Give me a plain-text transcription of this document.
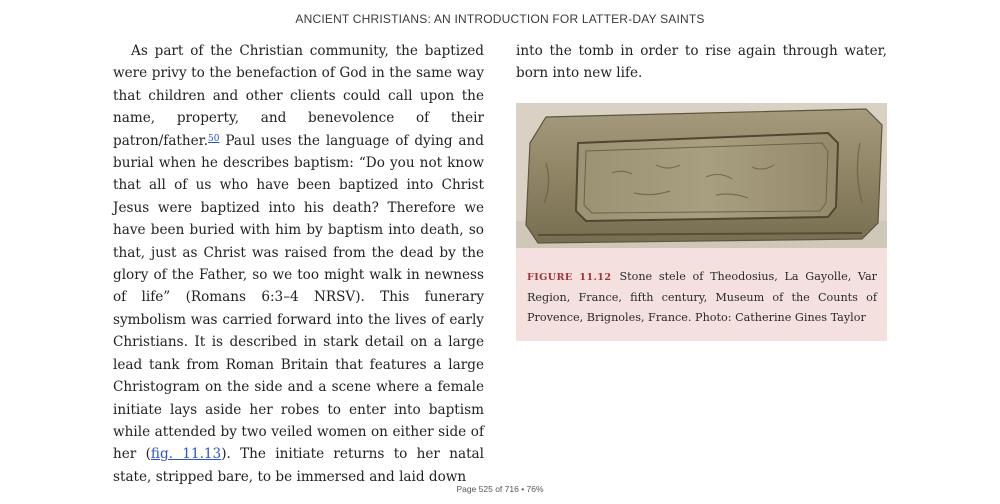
ANCIENT CHRISTIANS: AN INTRODUCTION FOR LATTER-DAY SAINTS

As part of the Christian community, the baptized were privy to the benefaction of God in the same way that children and other clients could call upon the name, property, and benevolence of their patron/father.$^{50}$ Paul uses the language of dying and burial when he describes baptism: “Do you not know that all of us who have been baptized into Christ Jesus were baptized into his death? Therefore we have been buried with him by baptism into death, so that, just as Christ was raised from the dead by the glory of the Father, so we too might walk in newness of life” (Romans 6:3–4 NRSV). This funerary symbolism was carried forward into the lives of early Christians. It is described in stark detail on a large lead tank from Roman Britain that features a large Christogram on the side and a scene where a female initiate lays aside her robes to enter into baptism while attended by two veiled women on either side of her (fig. 11.13). The initiate returns to her natal state, stripped bare, to be immersed and laid down

into the tomb in order to rise again through water, born into new life.

FIGURE 11.12 Stone stele of Theodosius, La Gayolle, Var Region, France, fifth century, Museum of the Counts of Provence, Brignoles, France. Photo: Catherine Gines Taylor
Page 525 of 716 • 76%
